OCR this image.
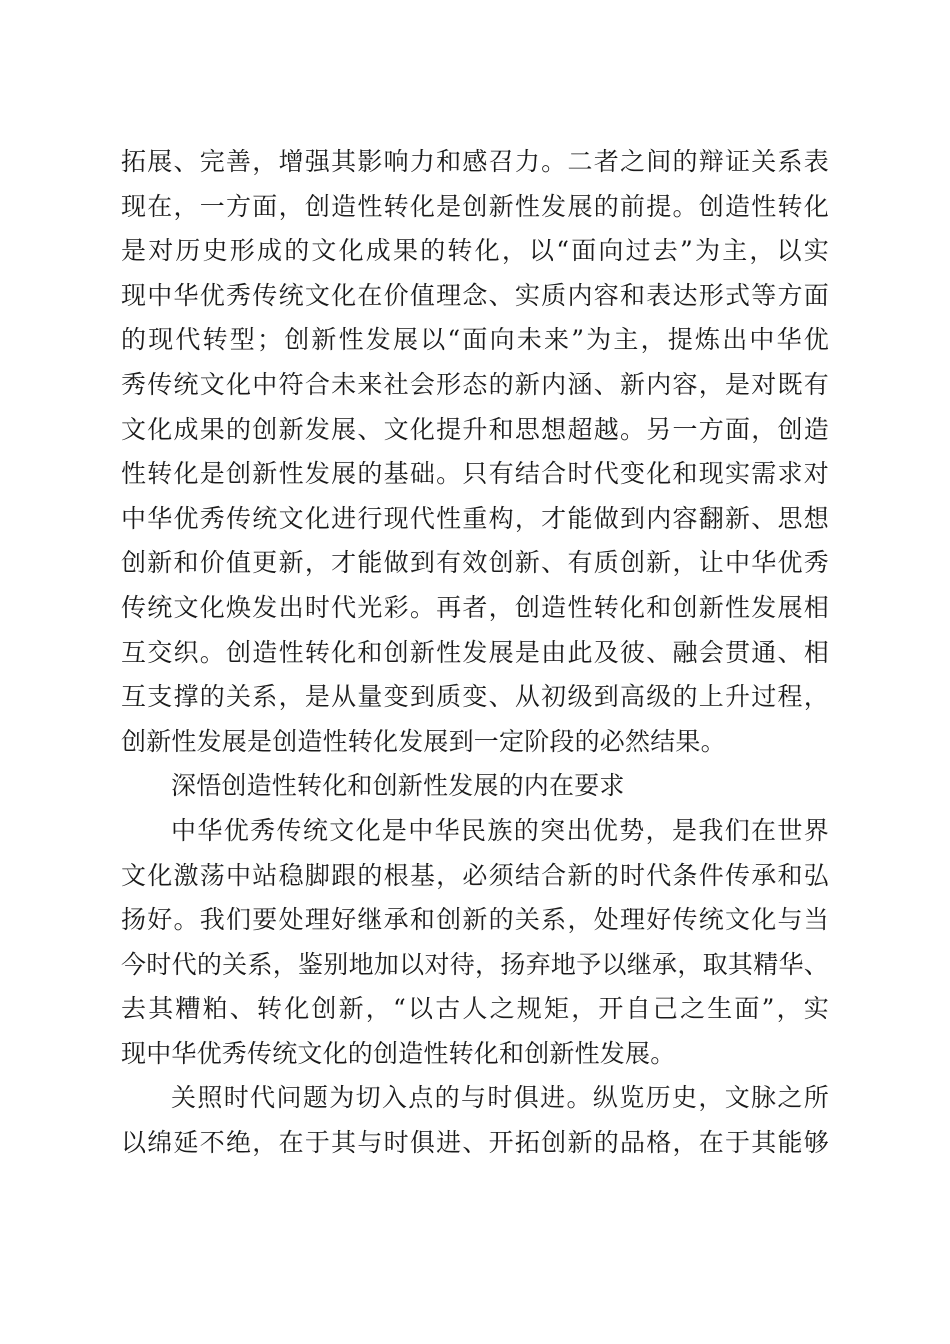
拓展、完善，增强其影响力和感召力。二者之间的辩证关系表
现在，一方面，创造性转化是创新性发展的前提。创造性转化
是对历史形成的文化成果的转化，以“面向过去”为主，以实
现中华优秀传统文化在价值理念、实质内容和表达形式等方面
的现代转型；创新性发展以“面向未来”为主，提炼出中华优
秀传统文化中符合未来社会形态的新内涵、新内容，是对既有
文化成果的创新发展、文化提升和思想超越。另一方面，创造
性转化是创新性发展的基础。只有结合时代变化和现实需求对
中华优秀传统文化进行现代性重构，才能做到内容翻新、思想
创新和价值更新，才能做到有效创新、有质创新，让中华优秀
传统文化焕发出时代光彩。再者，创造性转化和创新性发展相
互交织。创造性转化和创新性发展是由此及彼、融会贯通、相
互支撑的关系，是从量变到质变、从初级到高级的上升过程，
创新性发展是创造性转化发展到一定阶段的必然结果。
深悟创造性转化和创新性发展的内在要求
中华优秀传统文化是中华民族的突出优势，是我们在世界
文化激荡中站稳脚跟的根基，必须结合新的时代条件传承和弘
扬好。我们要处理好继承和创新的关系，处理好传统文化与当
今时代的关系，鉴别地加以对待，扬弃地予以继承，取其精华、
去其糟粕、转化创新，“以古人之规矩，开自己之生面”，实
现中华优秀传统文化的创造性转化和创新性发展。
关照时代问题为切入点的与时俱进。纵览历史，文脉之所
以绵延不绝，在于其与时俱进、开拓创新的品格，在于其能够
